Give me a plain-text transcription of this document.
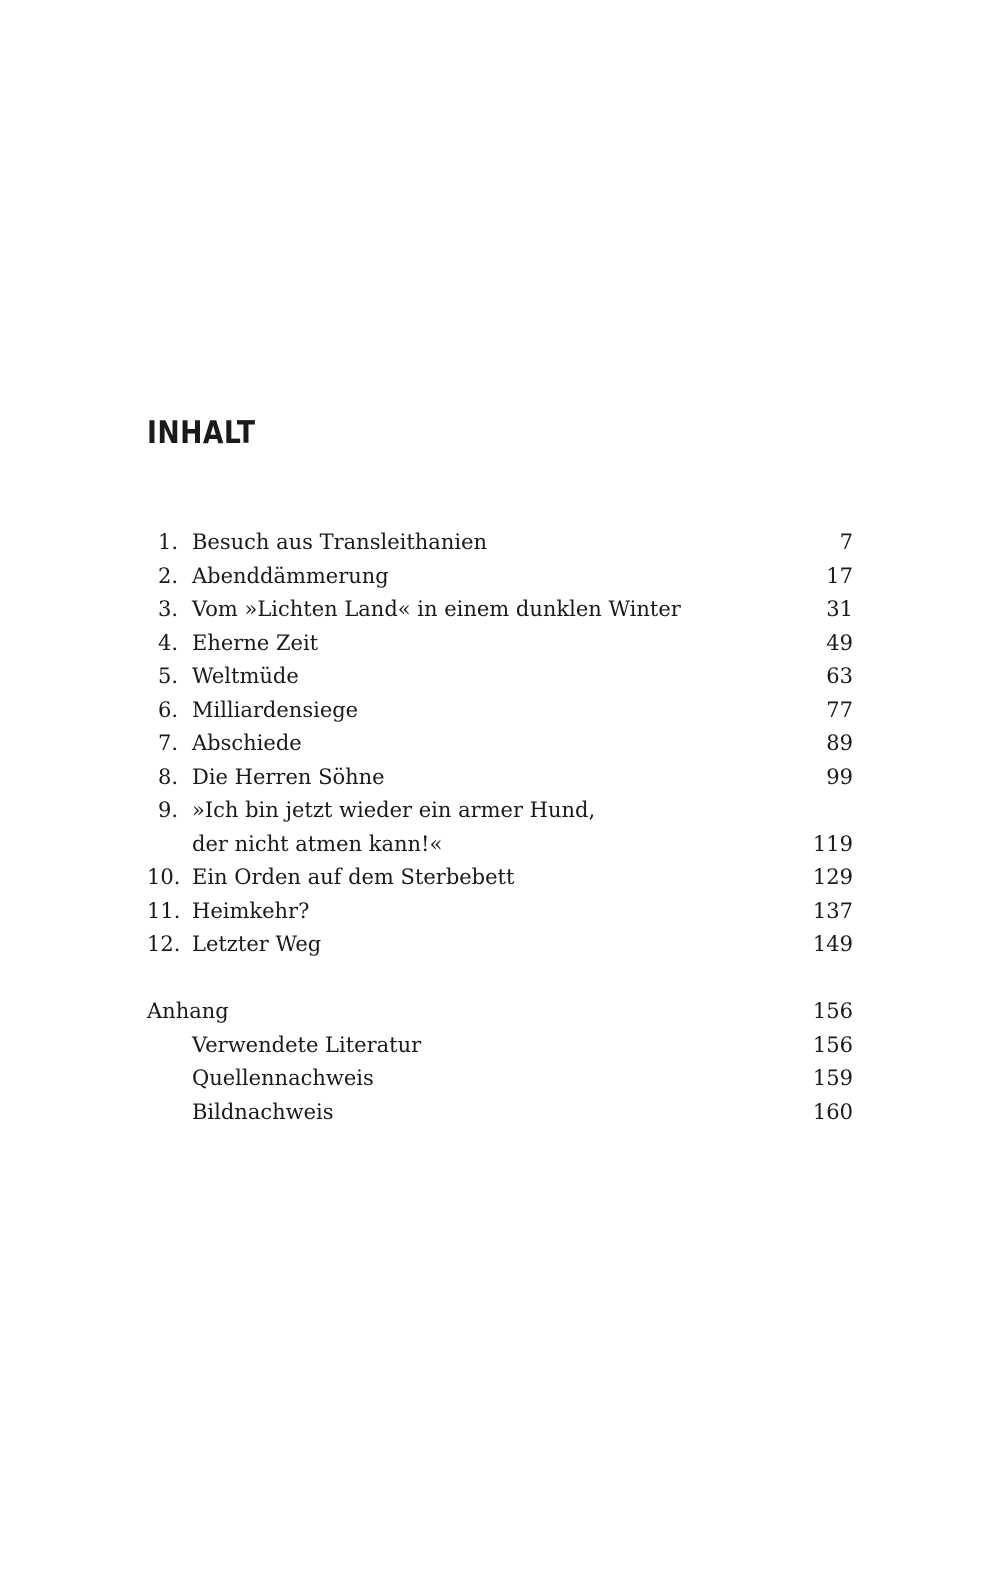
INHALT
1. Besuch aus Transleithanien	7
2. Abenddämmerung	17
3. Vom »Lichten Land« in einem dunklen Winter	31
4. Eherne Zeit	49
5. Weltmüde	63
6. Milliardensiege	77
7. Abschiede	89
8. Die Herren Söhne	99
9. »Ich bin jetzt wieder ein armer Hund,
der nicht atmen kann!«	119
10. Ein Orden auf dem Sterbebett	129
11. Heimkehr?	137
12. Letzter Weg	149
Anhang	156
Verwendete Literatur	156
Quellennachweis	159
Bildnachweis	160
